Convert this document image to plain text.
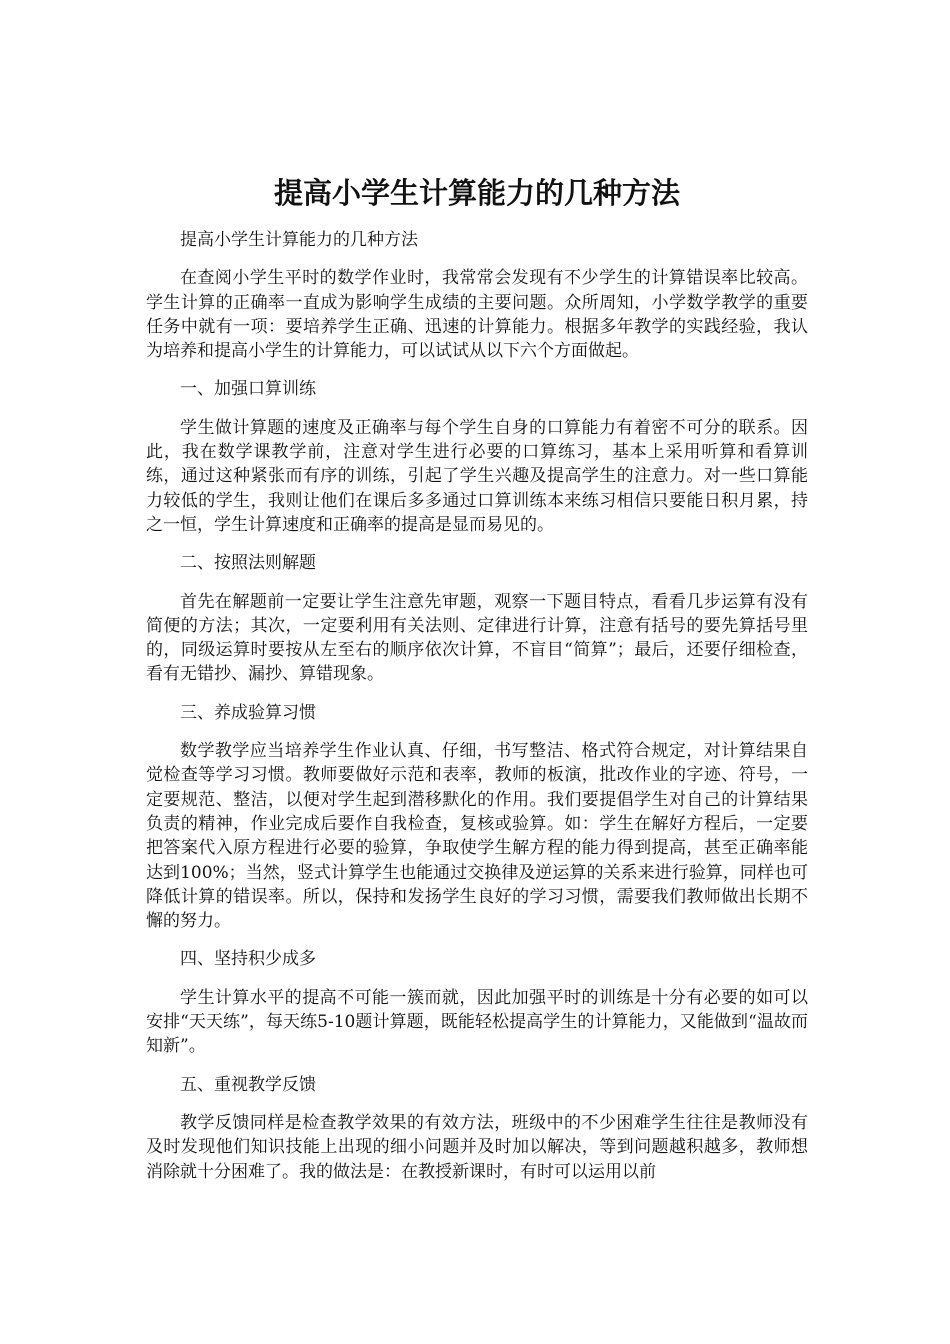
提高小学生计算能力的几种方法
提高小学生计算能力的几种方法

在查阅小学生平时的数学作业时，我常常会发现有不少学生的计算错误率比较高。学生计算的正确率一直成为影响学生成绩的主要问题。众所周知，小学数学教学的重要任务中就有一项：要培养学生正确、迅速的计算能力。根据多年教学的实践经验，我认为培养和提高小学生的计算能力，可以试试从以下六个方面做起。

一、加强口算训练

学生做计算题的速度及正确率与每个学生自身的口算能力有着密不可分的联系。因此，我在数学课教学前，注意对学生进行必要的口算练习，基本上采用听算和看算训练，通过这种紧张而有序的训练，引起了学生兴趣及提高学生的注意力。对一些口算能力较低的学生，我则让他们在课后多多通过口算训练本来练习相信只要能日积月累，持之一恒，学生计算速度和正确率的提高是显而易见的。

二、按照法则解题

首先在解题前一定要让学生注意先审题，观察一下题目特点，看看几步运算有没有简便的方法；其次，一定要利用有关法则、定律进行计算，注意有括号的要先算括号里的，同级运算时要按从左至右的顺序依次计算，不盲目“简算”；最后，还要仔细检查，看有无错抄、漏抄、算错现象。

三、养成验算习惯

数学教学应当培养学生作业认真、仔细，书写整洁、格式符合规定，对计算结果自觉检查等学习习惯。教师要做好示范和表率，教师的板演，批改作业的字迹、符号，一定要规范、整洁，以便对学生起到潜移默化的作用。我们要提倡学生对自己的计算结果负责的精神，作业完成后要作自我检查，复核或验算。如：学生在解好方程后，一定要把答案代入原方程进行必要的验算，争取使学生解方程的能力得到提高，甚至正确率能达到100%；当然，竖式计算学生也能通过交换律及逆运算的关系来进行验算，同样也可降低计算的错误率。所以，保持和发扬学生良好的学习习惯，需要我们教师做出长期不懈的努力。

四、坚持积少成多

学生计算水平的提高不可能一簇而就，因此加强平时的训练是十分有必要的如可以安排“天天练”，每天练5-10题计算题，既能轻松提高学生的计算能力，又能做到“温故而知新”。

五、重视教学反馈

教学反馈同样是检查教学效果的有效方法，班级中的不少困难学生往往是教师没有及时发现他们知识技能上出现的细小问题并及时加以解决，等到问题越积越多，教师想消除就十分困难了。我的做法是：在教授新课时，有时可以运用以前
